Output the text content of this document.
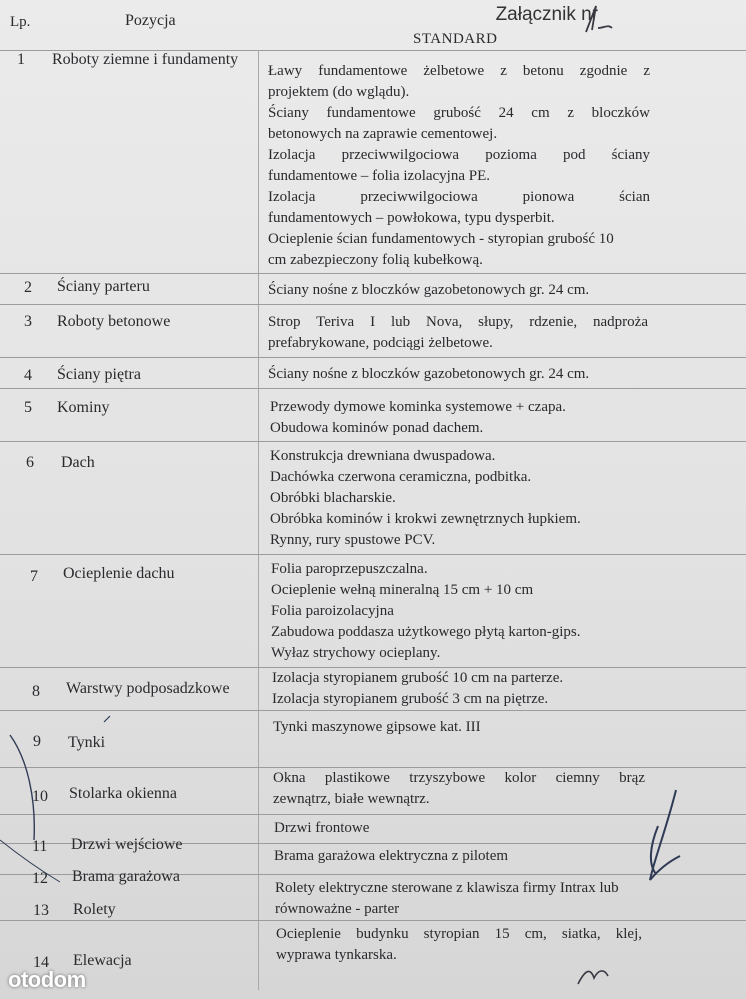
Lp.	Pozycja
STANDARD
Załącznik nr
1 Roboty ziemne i fundamenty
Ławy fundamentowe żelbetowe z betonu zgodnie z
projektem (do wglądu).
Ściany fundamentowe grubość 24 cm z bloczków
betonowych na zaprawie cementowej.
Izolacja przeciwwilgociowa pozioma pod ściany
fundamentowe – folia izolacyjna PE.
Izolacja przeciwwilgociowa pionowa ścian
fundamentowych – powłokowa, typu dysperbit.
Ocieplenie ścian fundamentowych - styropian grubość 10
cm zabezpieczony folią kubełkową.
2 Ściany parteru	Ściany nośne z bloczków gazobetonowych gr. 24 cm.
3 Roboty betonowe	Strop Teriva I lub Nova, słupy, rdzenie, nadproża
prefabrykowane, podciągi żelbetowe.
4 Ściany piętra	Ściany nośne z bloczków gazobetonowych gr. 24 cm.
5 Kominy	Przewody dymowe kominka systemowe + czapa.
Obudowa kominów ponad dachem.
6 Dach	Konstrukcja drewniana dwuspadowa.
Dachówka czerwona ceramiczna, podbitka.
Obróbki blacharskie.
Obróbka kominów i krokwi zewnętrznych łupkiem.
Rynny, rury spustowe PCV.
7 Ocieplenie dachu	Folia paroprzepuszczalna.
Ocieplenie wełną mineralną 15 cm + 10 cm
Folia paroizolacyjna
Zabudowa poddasza użytkowego płytą karton-gips.
Wyłaz strychowy ocieplany.
8 Warstwy podposadzkowe
Izolacja styropianem grubość 10 cm na parterze.
Izolacja styropianem grubość 3 cm na piętrze.
9 Tynki
Tynki maszynowe gipsowe kat. III
10 Stolarka okienna
Okna plastikowe trzyszybowe kolor ciemny brąz
zewnątrz, białe wewnątrz.
11 Drzwi wejściowe
Drzwi frontowe
12 Brama garażowa
Brama garażowa elektryczna z pilotem
13 Rolety
Rolety elektryczne sterowane z klawisza firmy Intrax lub
równoważne - parter
14 Elewacja
Ocieplenie budynku styropian 15 cm, siatka, klej,
wyprawa tynkarska.
otodom
